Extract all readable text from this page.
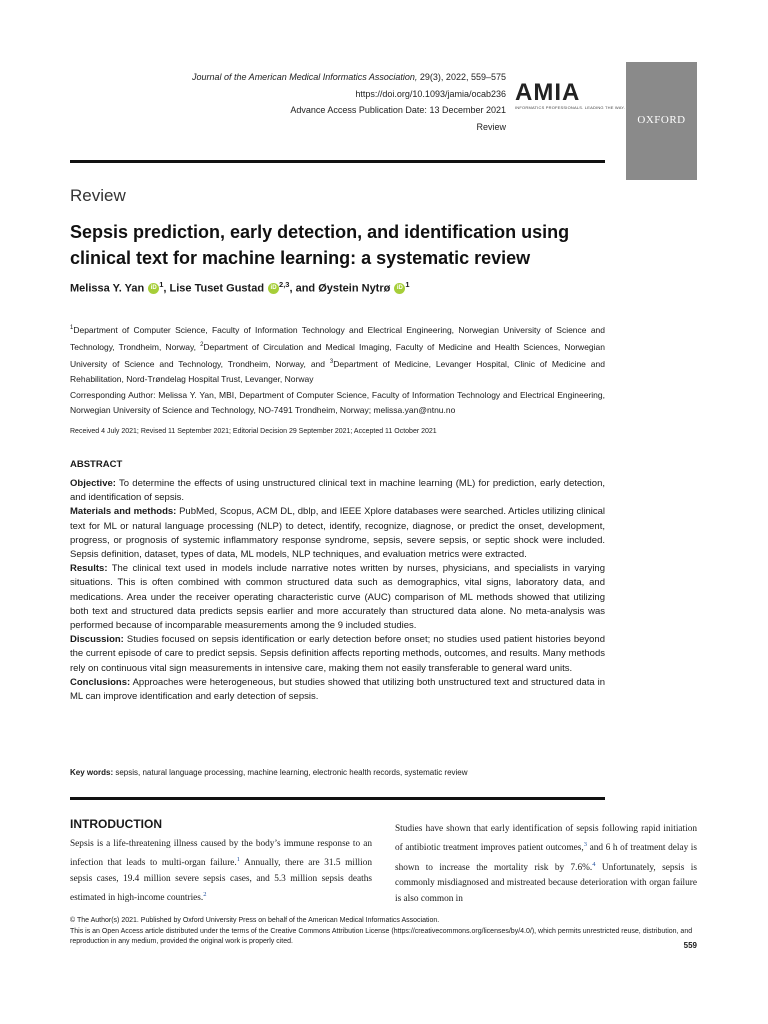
Journal of the American Medical Informatics Association, 29(3), 2022, 559–575
https://doi.org/10.1093/jamia/ocab236
Advance Access Publication Date: 13 December 2021
Review
AMIA
INFORMATICS PROFESSIONALS. LEADING THE WAY.
OXFORD
Review
Sepsis prediction, early detection, and identification using clinical text for machine learning: a systematic review
Melissa Y. Yan iD $^1$, Lise Tuset Gustad iD $^{2,3}$, and Øystein Nytrø iD $^1$

$^1$Department of Computer Science, Faculty of Information Technology and Electrical Engineering, Norwegian University of Science and Technology, Trondheim, Norway, $^2$Department of Circulation and Medical Imaging, Faculty of Medicine and Health Sciences, Norwegian University of Science and Technology, Trondheim, Norway, and $^3$Department of Medicine, Levanger Hospital, Clinic of Medicine and Rehabilitation, Nord-Trøndelag Hospital Trust, Levanger, Norway

Corresponding Author: Melissa Y. Yan, MBI, Department of Computer Science, Faculty of Information Technology and Electrical Engineering, Norwegian University of Science and Technology, NO-7491 Trondheim, Norway; melissa.yan@ntnu.no

Received 4 July 2021; Revised 11 September 2021; Editorial Decision 29 September 2021; Accepted 11 October 2021
ABSTRACT

Objective: To determine the effects of using unstructured clinical text in machine learning (ML) for prediction, early detection, and identification of sepsis.

Materials and methods: PubMed, Scopus, ACM DL, dblp, and IEEE Xplore databases were searched. Articles utilizing clinical text for ML or natural language processing (NLP) to detect, identify, recognize, diagnose, or predict the onset, development, progress, or prognosis of systemic inflammatory response syndrome, sepsis, severe sepsis, or septic shock were included. Sepsis definition, dataset, types of data, ML models, NLP techniques, and evaluation metrics were extracted.

Results: The clinical text used in models include narrative notes written by nurses, physicians, and specialists in varying situations. This is often combined with common structured data such as demographics, vital signs, laboratory data, and medications. Area under the receiver operating characteristic curve (AUC) comparison of ML methods showed that utilizing both text and structured data predicts sepsis earlier and more accurately than structured data alone. No meta-analysis was performed because of incomparable measurements among the 9 included studies.

Discussion: Studies focused on sepsis identification or early detection before onset; no studies used patient histories beyond the current episode of care to predict sepsis. Sepsis definition affects reporting methods, outcomes, and results. Many methods rely on continuous vital sign measurements in intensive care, making them not easily transferable to general ward units.

Conclusions: Approaches were heterogeneous, but studies showed that utilizing both unstructured text and structured data in ML can improve identification and early detection of sepsis.

Key words: sepsis, natural language processing, machine learning, electronic health records, systematic review
INTRODUCTION

Sepsis is a life-threatening illness caused by the body’s immune response to an infection that leads to multi-organ failure.$^1$ Annually, there are 31.5 million sepsis cases, 19.4 million severe sepsis cases, and 5.3 million sepsis deaths estimated in high-income countries.$^2$

Studies have shown that early identification of sepsis following rapid initiation of antibiotic treatment improves patient outcomes,$^3$ and 6 h of treatment delay is shown to increase the mortality risk by 7.6%.$^4$ Unfortunately, sepsis is commonly misdiagnosed and mistreated because deterioration with organ failure is also common in

© The Author(s) 2021. Published by Oxford University Press on behalf of the American Medical Informatics Association.

This is an Open Access article distributed under the terms of the Creative Commons Attribution License (https://creativecommons.org/licenses/by/4.0/), which permits unrestricted reuse, distribution, and reproduction in any medium, provided the original work is properly cited.	559
